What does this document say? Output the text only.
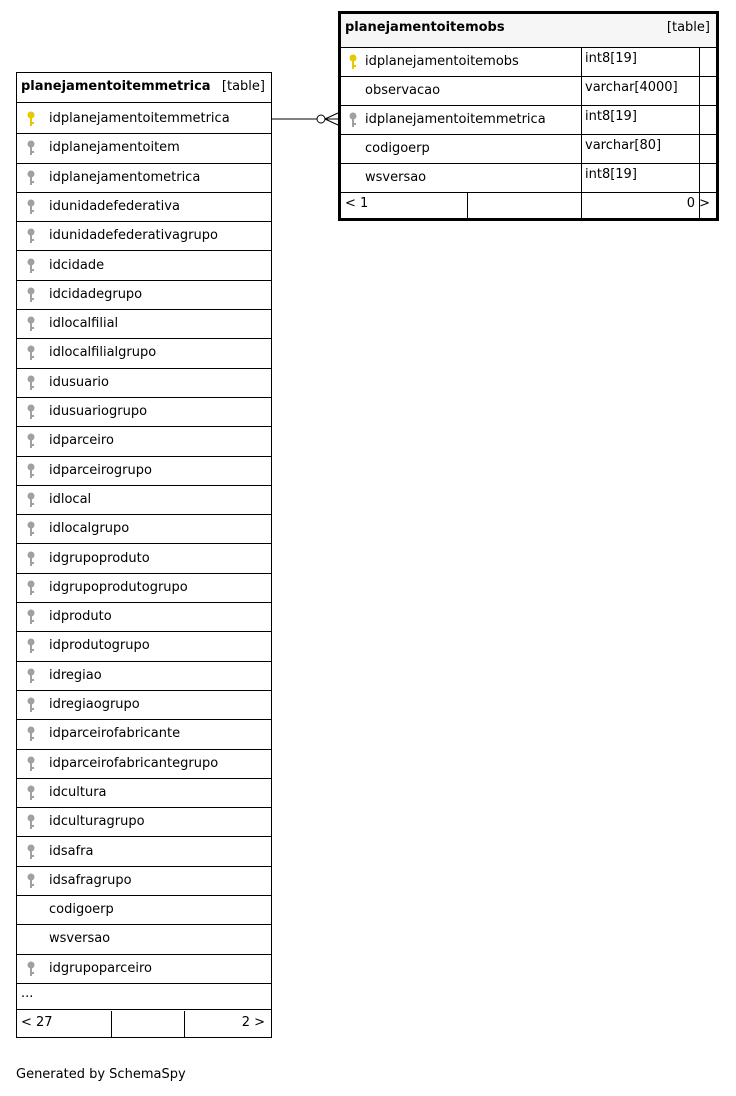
planejamentoitemmetrica [table]
idplanejamentoitemmetrica
idplanejamentoitem
idplanejamentometrica
idunidadefederativa
idunidadefederativagrupo
idcidade
idcidadegrupo
idlocalfilial
idlocalfilialgrupo
idusuario
idusuariogrupo
idparceiro
idparceirogrupo
idlocal
idlocalgrupo
idgrupoproduto
idgrupoprodutogrupo
idproduto
idprodutogrupo
idregiao
idregiaogrupo
idparceirofabricante
idparceirofabricantegrupo
idcultura
idculturagrupo
idsafra
idsafragrupo
codigoerp
wsversao
idgrupoparceiro
...
< 27	2 >
planejamentoitemobs	[table]
idplanejamentoitemobs	int8[19]
observacao	varchar[4000]
idplanejamentoitemmetrica	int8[19]
codigoerp	varchar[80]
wsversao	int8[19]
< 1	0 >
Generated by SchemaSpy
